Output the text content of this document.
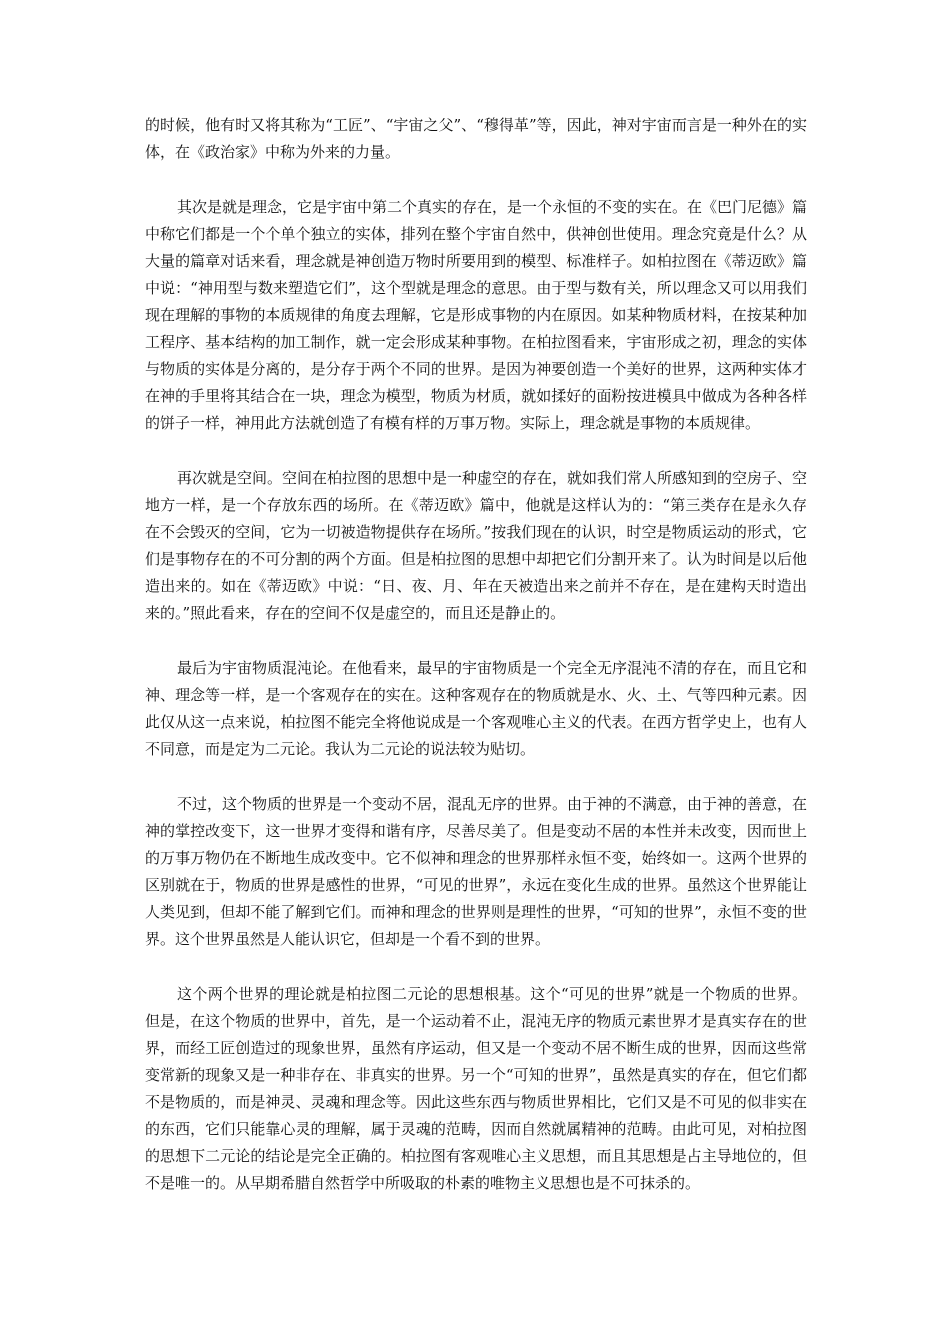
的时候，他有时又将其称为“工匠”、“宇宙之父”、“穆得革”等，因此，神对宇宙而言是一种外在的实体，在《政治家》中称为外来的力量。

其次是就是理念，它是宇宙中第二个真实的存在，是一个永恒的不变的实在。在《巴门尼德》篇中称它们都是一个个单个独立的实体，排列在整个宇宙自然中，供神创世使用。理念究竟是什么？从大量的篇章对话来看，理念就是神创造万物时所要用到的模型、标准样子。如柏拉图在《蒂迈欧》篇中说：“神用型与数来塑造它们”，这个型就是理念的意思。由于型与数有关，所以理念又可以用我们现在理解的事物的本质规律的角度去理解，它是形成事物的内在原因。如某种物质材料，在按某种加工程序、基本结构的加工制作，就一定会形成某种事物。在柏拉图看来，宇宙形成之初，理念的实体与物质的实体是分离的，是分存于两个不同的世界。是因为神要创造一个美好的世界，这两种实体才在神的手里将其结合在一块，理念为模型，物质为材质，就如揉好的面粉按进模具中做成为各种各样的饼子一样，神用此方法就创造了有模有样的万事万物。实际上，理念就是事物的本质规律。

再次就是空间。空间在柏拉图的思想中是一种虚空的存在，就如我们常人所感知到的空房子、空地方一样，是一个存放东西的场所。在《蒂迈欧》篇中，他就是这样认为的：“第三类存在是永久存在不会毁灭的空间，它为一切被造物提供存在场所。”按我们现在的认识，时空是物质运动的形式，它们是事物存在的不可分割的两个方面。但是柏拉图的思想中却把它们分割开来了。认为时间是以后他造出来的。如在《蒂迈欧》中说：“日、夜、月、年在天被造出来之前并不存在，是在建构天时造出来的。”照此看来，存在的空间不仅是虚空的，而且还是静止的。

最后为宇宙物质混沌论。在他看来，最早的宇宙物质是一个完全无序混沌不清的存在，而且它和神、理念等一样，是一个客观存在的实在。这种客观存在的物质就是水、火、土、气等四种元素。因此仅从这一点来说，柏拉图不能完全将他说成是一个客观唯心主义的代表。在西方哲学史上，也有人不同意，而是定为二元论。我认为二元论的说法较为贴切。

不过，这个物质的世界是一个变动不居，混乱无序的世界。由于神的不满意，由于神的善意，在神的掌控改变下，这一世界才变得和谐有序，尽善尽美了。但是变动不居的本性并未改变，因而世上的万事万物仍在不断地生成改变中。它不似神和理念的世界那样永恒不变，始终如一。这两个世界的区别就在于，物质的世界是感性的世界，“可见的世界”，永远在变化生成的世界。虽然这个世界能让人类见到，但却不能了解到它们。而神和理念的世界则是理性的世界，“可知的世界”，永恒不变的世界。这个世界虽然是人能认识它，但却是一个看不到的世界。

这个两个世界的理论就是柏拉图二元论的思想根基。这个“可见的世界”就是一个物质的世界。但是，在这个物质的世界中，首先，是一个运动着不止，混沌无序的物质元素世界才是真实存在的世界，而经工匠创造过的现象世界，虽然有序运动，但又是一个变动不居不断生成的世界，因而这些常变常新的现象又是一种非存在、非真实的世界。另一个“可知的世界”，虽然是真实的存在，但它们都不是物质的，而是神灵、灵魂和理念等。因此这些东西与物质世界相比，它们又是不可见的似非实在的东西，它们只能靠心灵的理解，属于灵魂的范畴，因而自然就属精神的范畴。由此可见，对柏拉图的思想下二元论的结论是完全正确的。柏拉图有客观唯心主义思想，而且其思想是占主导地位的，但不是唯一的。从早期希腊自然哲学中所吸取的朴素的唯物主义思想也是不可抹杀的。
